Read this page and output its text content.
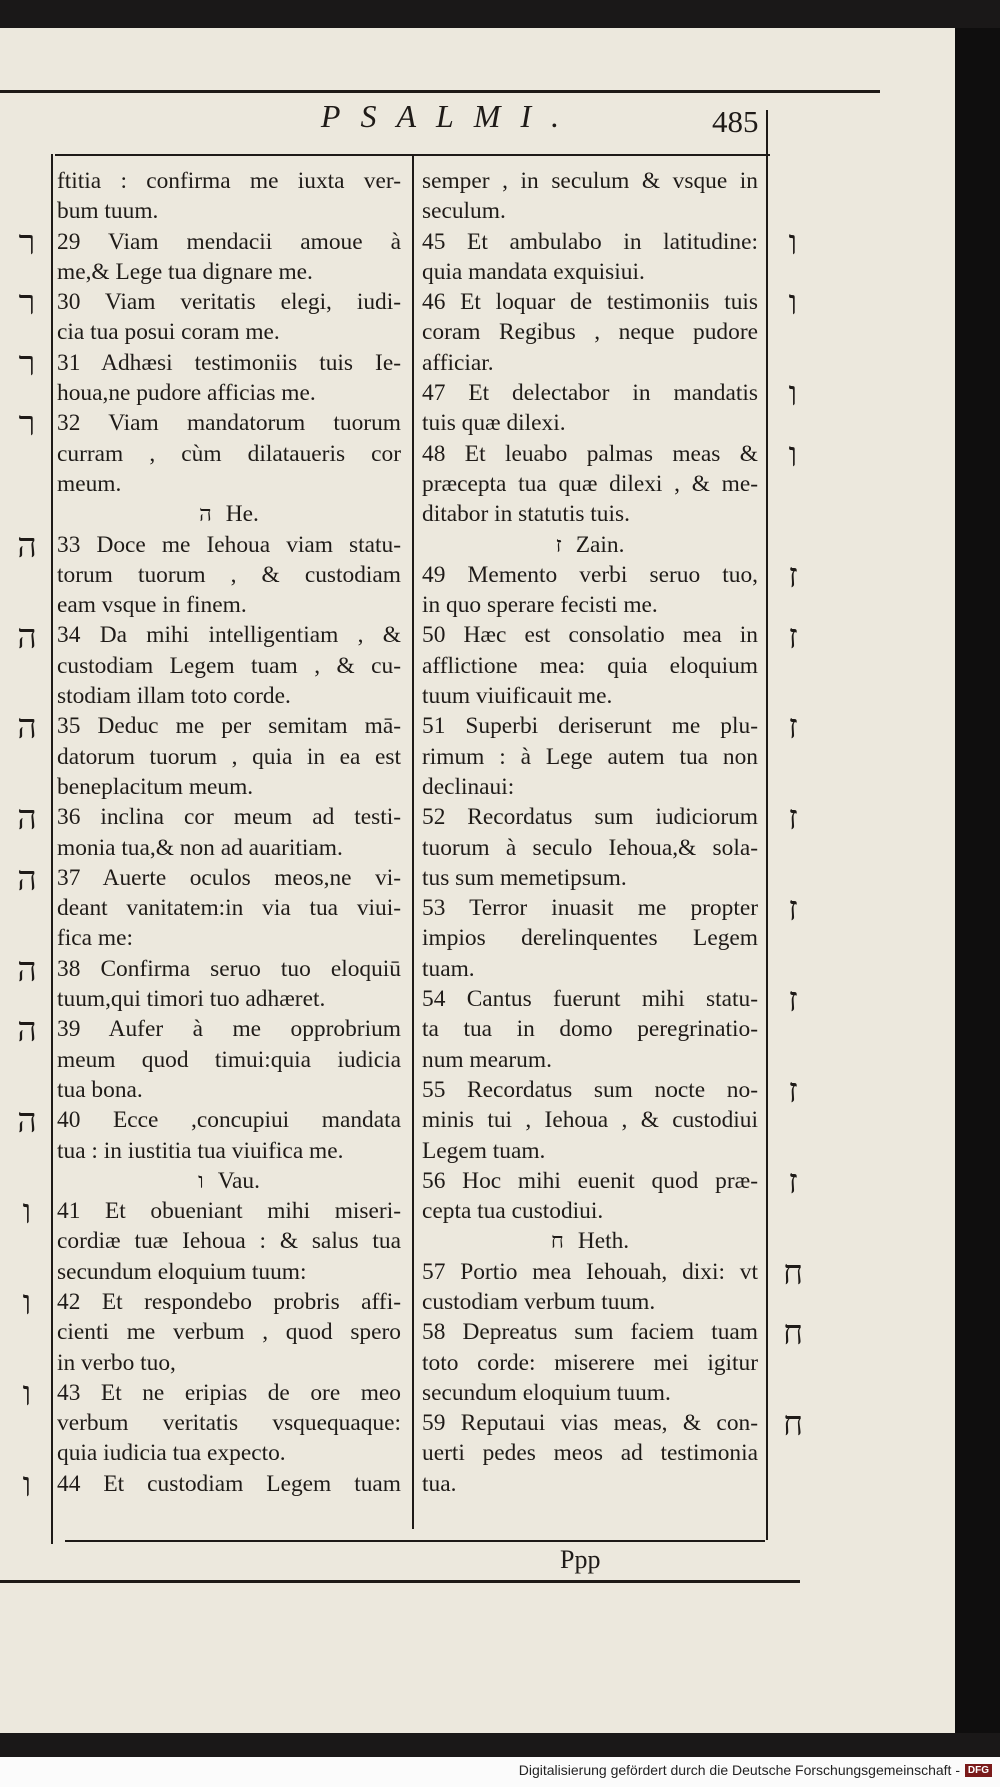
PSALMI.	485
ftitia : confirma me iuxta ver-
bum tuum.
29 Viam mendacii amoue à
me,& Lege tua dignare me.
30 Viam veritatis elegi, iudi-
cia tua posui coram me.
31 Adhæsi testimoniis tuis Ie-
houa,ne pudore afficias me.
32 Viam mandatorum tuorum
curram , cùm dilataueris cor
meum.
ה He.
33 Doce me Iehoua viam statu-
torum tuorum , & custodiam
eam vsque in finem.
34 Da mihi intelligentiam , &
custodiam Legem tuam , & cu-
stodiam illam toto corde.
35 Deduc me per semitam mā-
datorum tuorum , quia in ea est
beneplacitum meum.
36 inclina cor meum ad testi-
monia tua,& non ad auaritiam.
37 Auerte oculos meos,ne vi-
deant vanitatem:in via tua viui-
fica me:
38 Confirma seruo tuo eloquiū
tuum,qui timori tuo adhæret.
39 Aufer à me opprobrium
meum quod timui:quia iudicia
tua bona.
40 Ecce ,concupiui mandata
tua : in iustitia tua viuifica me.
ו Vau.
41 Et obueniant mihi miseri-
cordiæ tuæ Iehoua : & salus tua
secundum eloquium tuum:
42 Et respondebo probris affi-
cienti me verbum , quod spero
in verbo tuo,
43 Et ne eripias de ore meo
verbum veritatis vsquequaque:
quia iudicia tua expecto.
44 Et custodiam Legem tuam
semper , in seculum & vsque in
seculum.
45 Et ambulabo in latitudine:
quia mandata exquisiui.
46 Et loquar de testimoniis tuis
coram Regibus , neque pudore
afficiar.
47 Et delectabor in mandatis
tuis quæ dilexi.
48 Et leuabo palmas meas &
præcepta tua quæ dilexi , & me-
ditabor in statutis tuis.
ז Zain.
49 Memento verbi seruo tuo,
in quo sperare fecisti me.
50 Hæc est consolatio mea in
afflictione mea: quia eloquium
tuum viuificauit me.
51 Superbi deriserunt me plu-
rimum : à Lege autem tua non
declinaui:
52 Recordatus sum iudiciorum
tuorum à seculo Iehoua,& sola-
tus sum memetipsum.
53 Terror inuasit me propter
impios derelinquentes Legem
tuam.
54 Cantus fuerunt mihi statu-
ta tua in domo peregrinatio-
num mearum.
55 Recordatus sum nocte no-
minis tui , Iehoua , & custodiui
Legem tuam.
56 Hoc mihi euenit quod præ-
cepta tua custodiui.
ח Heth.
57 Portio mea Iehouah, dixi: vt
custodiam verbum tuum.
58 Depreatus sum faciem tuam
toto corde: miserere mei igitur
secundum eloquium tuum.
59 Reputaui vias meas, & con-
uerti pedes meos ad testimonia
tua.
Ppp
Digitalisierung gefördert durch die Deutsche Forschungsgemeinschaft - DFG
ר
ר
ר
ר
ה
ה
ה
ה
ה
ה
ה
ה
ו
ו
ו
ו
ו
ו
ו
ו
ז
ז
ז
ז
ז
ז
ז
ז
ח
ח
ח
